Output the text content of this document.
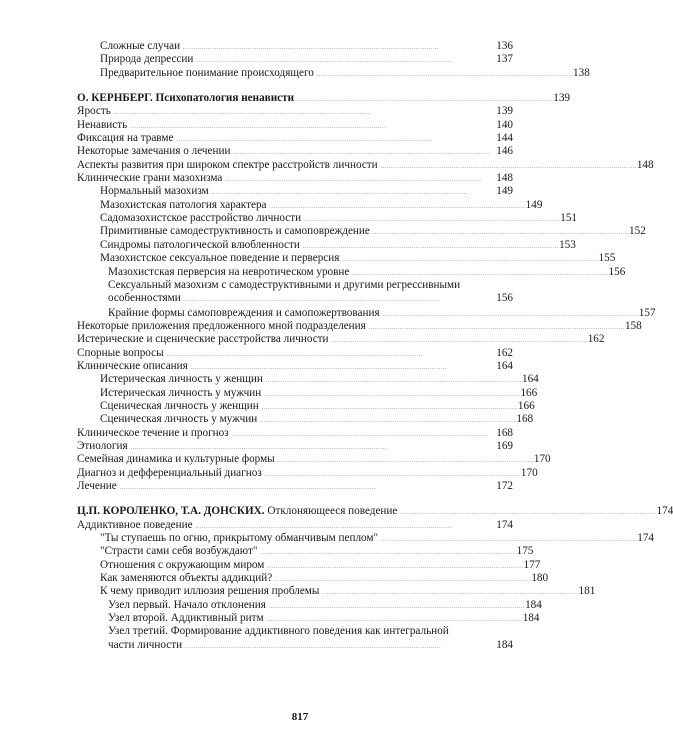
Сложные случаи . . .	136
Природа депрессии . . .	137
Предварительное понимание происходящего . . .	138
О. КЕРНБЕРГ. Психопатология ненависти . . .	139
Ярость . . .	139
Ненависть . . .	140
Фиксация на травме . . .	144
Некоторые замечания о лечении . . .	146
Аспекты развития при широком спектре расстройств личности . . .	148
Клинические грани мазохизма . . .	148
Нормальный мазохизм . . .	149
Мазохистская патология характера . . .	149
Садомазохистское расстройство личности . . .	151
Примитивные самодеструктивность и самоповреждение . . .	152
Синдромы патологической влюбленности . . .	153
Мазохистское сексуальное поведение и перверсия . . .	155
Мазохистская перверсия на невротическом уровне . . .	156
Сексуальный мазохизм с самодеструктивными и другими регрессивными
особенностями . . .	156
Крайние формы самоповреждения и самопожертвования . . .	157
Некоторые приложения предложенного мной подразделения . . .	158
Истерические и сценические расстройства личности . . .	162
Спорные вопросы . . .	162
Клинические описания . . .	164
Истерическая личность у женщин . . .	164
Истерическая личность у мужчин . . .	166
Сценическая личность у женщин . . .	166
Сценическая личность у мужчин . . .	168
Клиническое течение и прогноз . . .	168
Этиология . . .	169
Семейная динамика и культурные формы . . .	170
Диагноз и дефференциальный диагноз . . .	170
Лечение . . .	172
Ц.П. КОРОЛЕНКО, Т.А. ДОНСКИХ. Отклоняющееся поведение . . .	174
Аддиктивное поведение . . .	174
"Ты ступаешь по огню, прикрытому обманчивым пеплом" . . .	174
"Страсти сами себя возбуждают" . . .	175
Отношения с окружающим миром . . .	177
Как заменяются объекты аддикций? . . .	180
К чему приводит иллюзия решения проблемы . . .	181
Узел первый. Начало отклонения . . .	184
Узел второй. Аддиктивный ритм . . .	184
Узел третий. Формирование аддиктивного поведения как интегральной
части личности . . .	184
817
